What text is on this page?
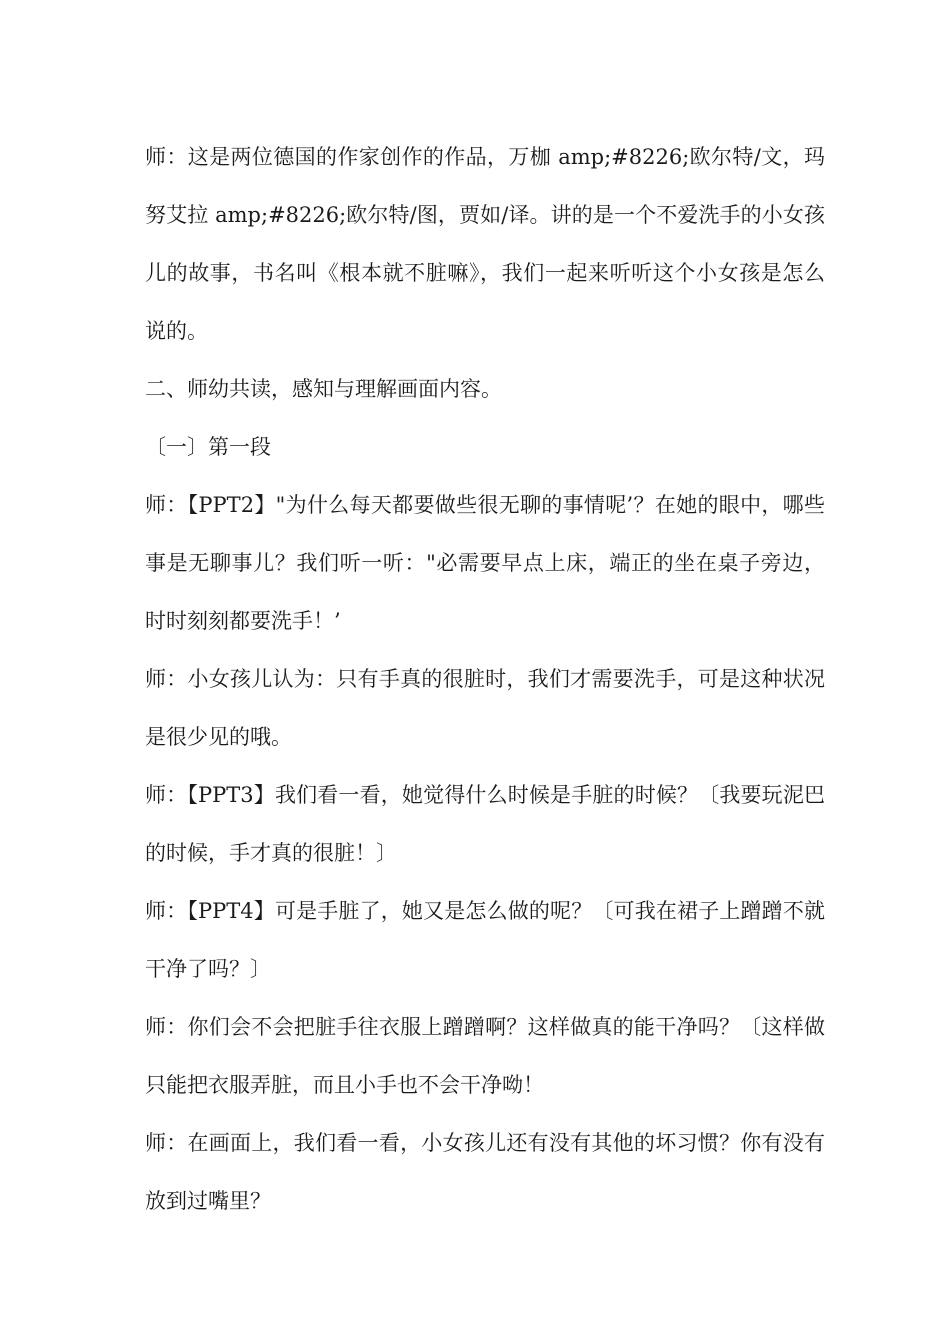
师：这是两位德国的作家创作的作品，万枷 amp;#8226;欧尔特/文，玛努艾拉 amp;#8226;欧尔特/图，贾如/译。讲的是一个不爱洗手的小女孩儿的故事，书名叫《根本就不脏嘛》，我们一起来听听这个小女孩是怎么说的。

二、师幼共读，感知与理解画面内容。

〔一〕第一段

师：【PPT2】"为什么每天都要做些很无聊的事情呢’？在她的眼中，哪些事是无聊事儿？我们听一听："必需要早点上床，端正的坐在桌子旁边，时时刻刻都要洗手！’

师：小女孩儿认为：只有手真的很脏时，我们才需要洗手，可是这种状况是很少见的哦。

师：【PPT3】我们看一看，她觉得什么时候是手脏的时候？〔我要玩泥巴的时候，手才真的很脏！〕

师：【PPT4】可是手脏了，她又是怎么做的呢？〔可我在裙子上蹭蹭不就干净了吗？〕

师：你们会不会把脏手往衣服上蹭蹭啊？这样做真的能干净吗？〔这样做只能把衣服弄脏，而且小手也不会干净呦！

师：在画面上，我们看一看，小女孩儿还有没有其他的坏习惯？你有没有放到过嘴里？
